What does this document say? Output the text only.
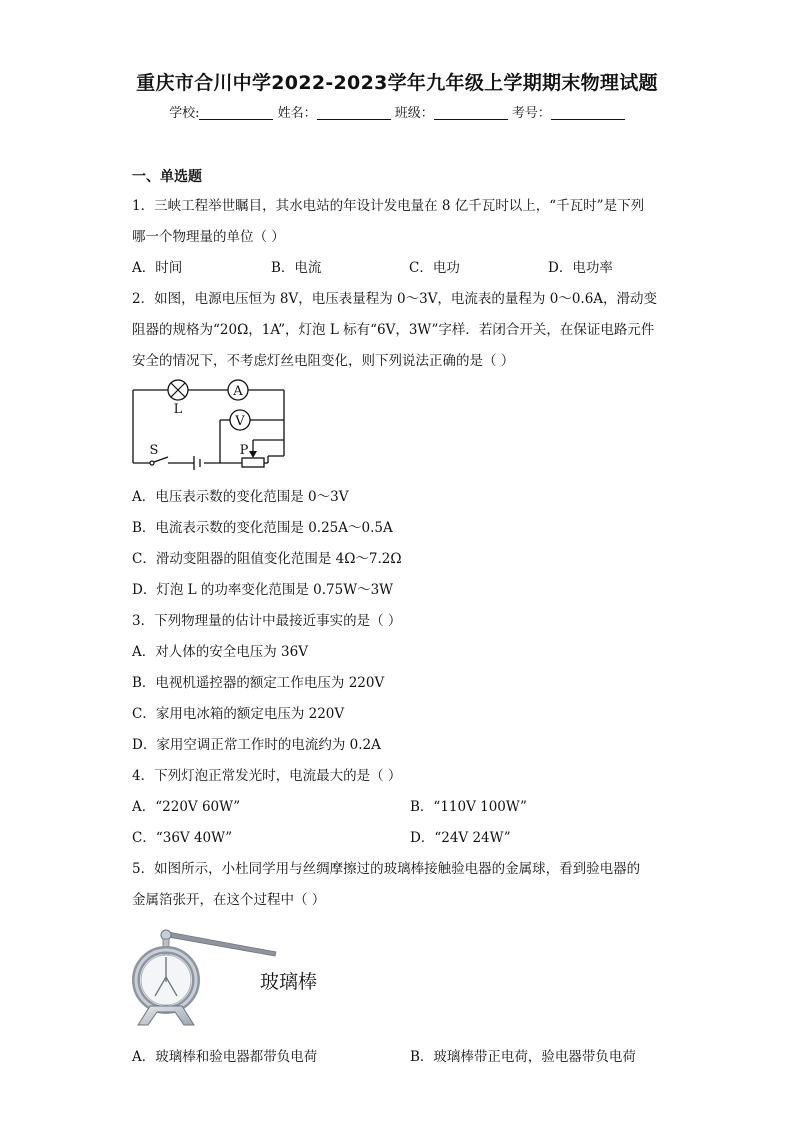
重庆市合川中学2022-2023学年九年级上学期期末物理试题
学校:	姓名：	班级：	考号：
一、单选题
1．三峡工程举世瞩目，其水电站的年设计发电量在 8 亿千瓦时以上，“千瓦时”是下列
哪一个物理量的单位（ ）
A．时间	B．电流	C．电功	D．电功率
2．如图，电源电压恒为 8V，电压表量程为 0～3V，电流表的量程为 0～0.6A，滑动变
阻器的规格为“20Ω，1A”，灯泡 L 标有“6V，3W”字样．若闭合开关，在保证电路元件
安全的情况下，不考虑灯丝电阻变化，则下列说法正确的是（ ）
A
V
L
S	P
A．电压表示数的变化范围是 0～3V
B．电流表示数的变化范围是 0.25A～0.5A
C．滑动变阻器的阻值变化范围是 4Ω～7.2Ω
D．灯泡 L 的功率变化范围是 0.75W～3W
3．下列物理量的估计中最接近事实的是（ ）
A．对人体的安全电压为 36V
B．电视机遥控器的额定工作电压为 220V
C．家用电冰箱的额定电压为 220V
D．家用空调正常工作时的电流约为 0.2A
4．下列灯泡正常发光时，电流最大的是（ ）
A．“220V 60W”	B．“110V 100W”
C．“36V 40W”	D．“24V 24W”
5．如图所示，小杜同学用与丝绸摩擦过的玻璃棒接触验电器的金属球，看到验电器的
金属箔张开，在这个过程中（ ）
玻璃棒
A．玻璃棒和验电器都带负电荷	B．玻璃棒带正电荷，验电器带负电荷
